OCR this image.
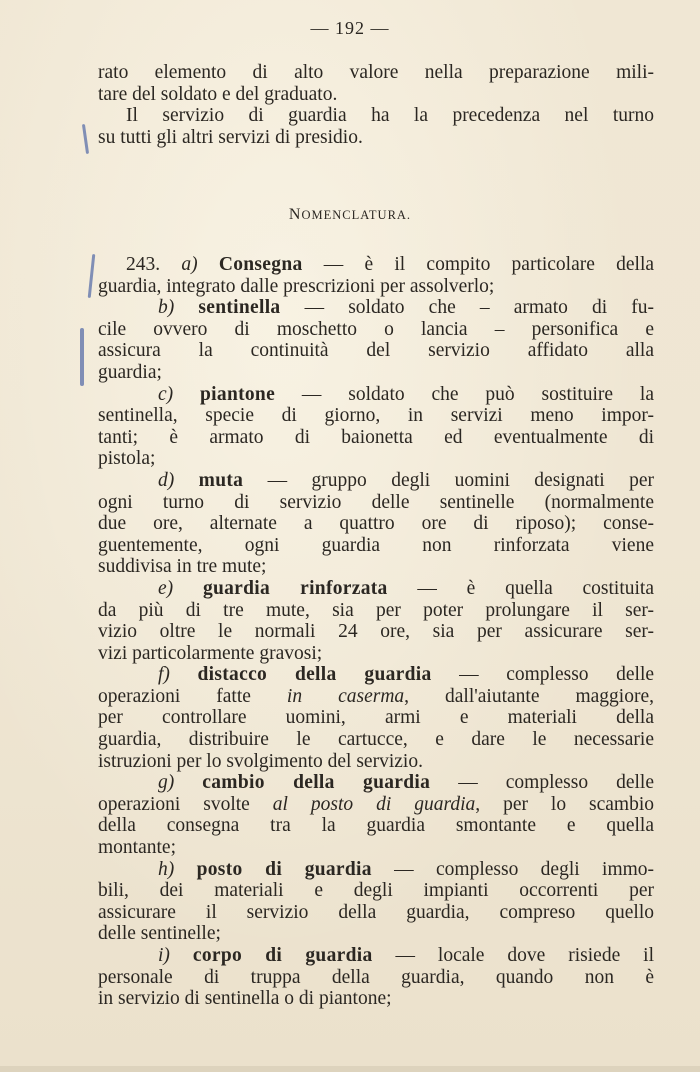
— 192 —
rato elemento di alto valore nella preparazione mili-
tare del soldato e del graduato.
Il servizio di guardia ha la precedenza nel turno
su tutti gli altri servizi di presidio.
NOMENCLATURA.
243. a) Consegna — è il compito particolare della
guardia, integrato dalle prescrizioni per assolverlo;
b) sentinella — soldato che – armato di fu-
cile ovvero di moschetto o lancia – personifica e
assicura la continuità del servizio affidato alla
guardia;
c) piantone — soldato che può sostituire la
sentinella, specie di giorno, in servizi meno impor-
tanti; è armato di baionetta ed eventualmente di
pistola;
d) muta — gruppo degli uomini designati per
ogni turno di servizio delle sentinelle (normalmente
due ore, alternate a quattro ore di riposo); conse-
guentemente, ogni guardia non rinforzata viene
suddivisa in tre mute;
e) guardia rinforzata — è quella costituita
da più di tre mute, sia per poter prolungare il ser-
vizio oltre le normali 24 ore, sia per assicurare ser-
vizi particolarmente gravosi;
f) distacco della guardia — complesso delle
operazioni fatte in caserma, dall'aiutante maggiore,
per controllare uomini, armi e materiali della
guardia, distribuire le cartucce, e dare le necessarie
istruzioni per lo svolgimento del servizio.
g) cambio della guardia — complesso delle
operazioni svolte al posto di guardia, per lo scambio
della consegna tra la guardia smontante e quella
montante;
h) posto di guardia — complesso degli immo-
bili, dei materiali e degli impianti occorrenti per
assicurare il servizio della guardia, compreso quello
delle sentinelle;
i) corpo di guardia — locale dove risiede il
personale di truppa della guardia, quando non è
in servizio di sentinella o di piantone;
